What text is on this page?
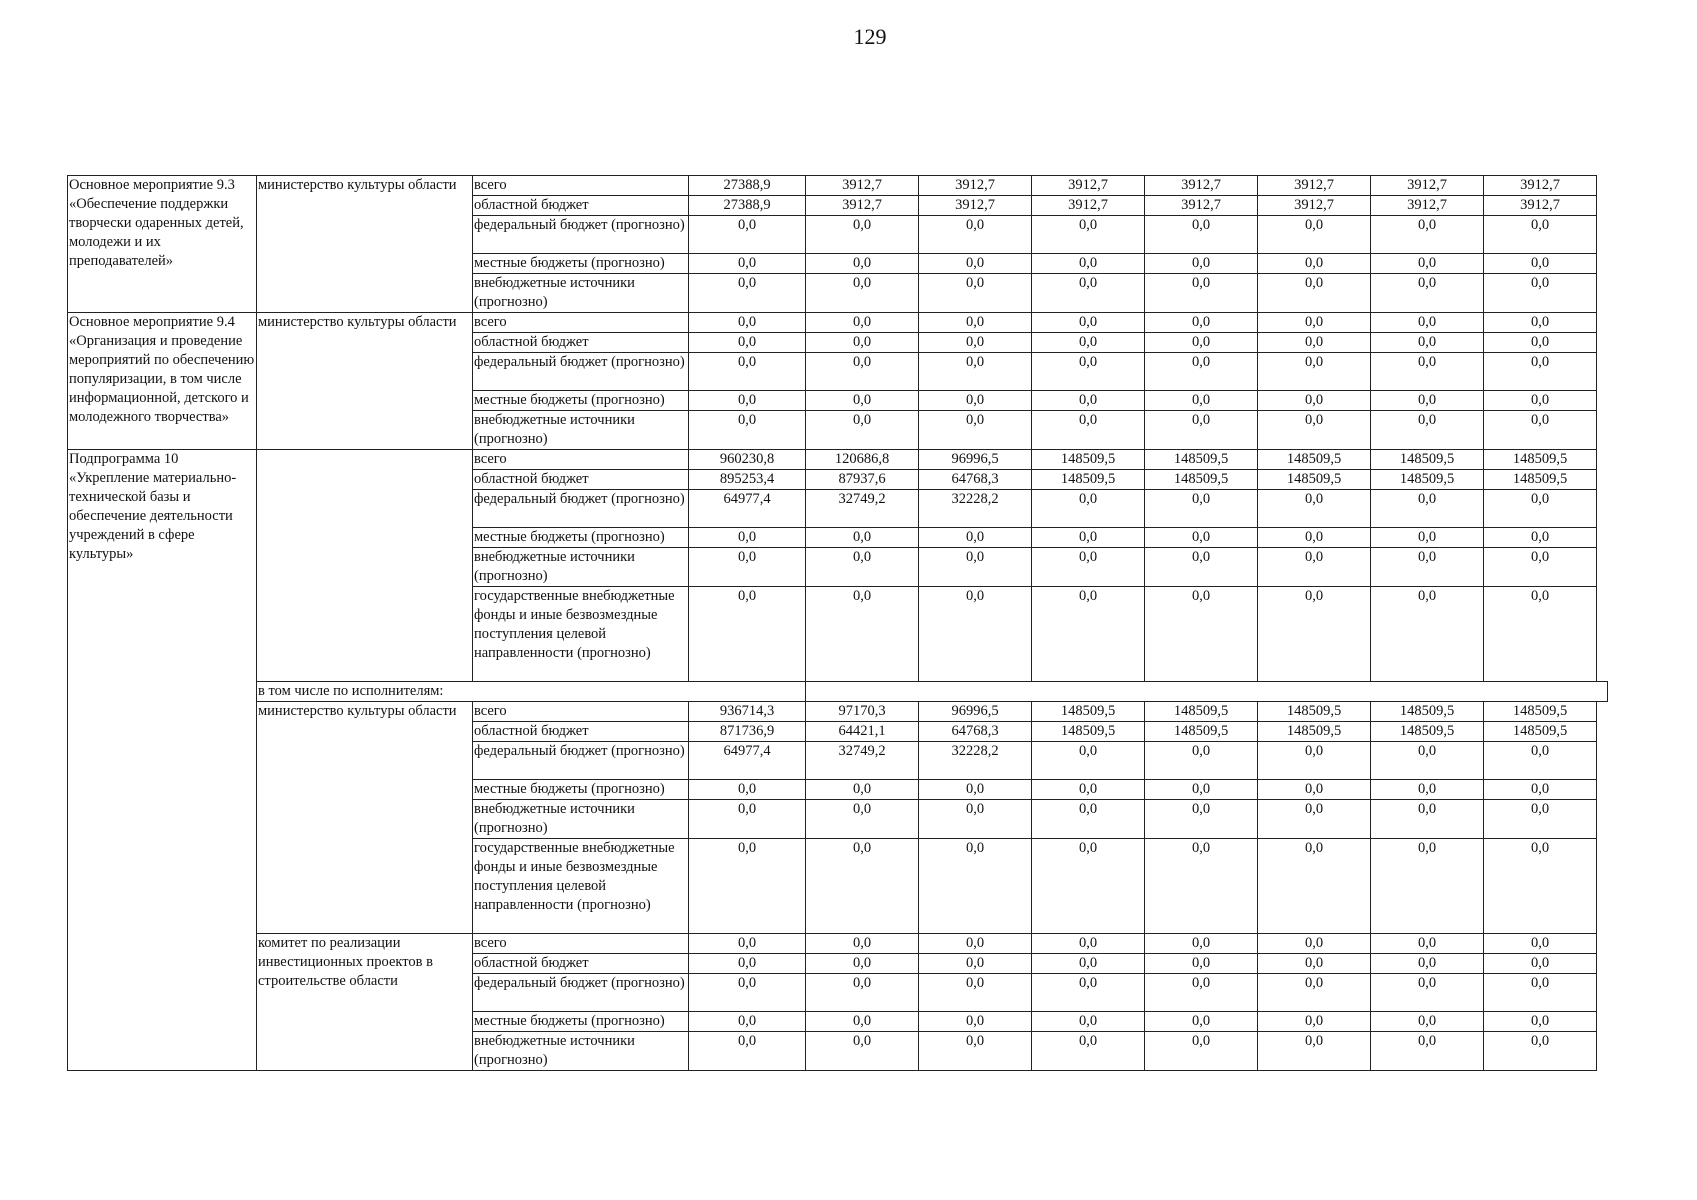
129
Основное мероприятие 9.3 «Обеспечение поддержки творчески одаренных детей, молодежи и их преподавателей»	министерство культуры области	всего	27388,9	3912,7	3912,7	3912,7	3912,7	3912,7	3912,7	3912,7
		областной бюджет	27388,9	3912,7	3912,7	3912,7	3912,7	3912,7	3912,7	3912,7
		федеральный бюджет (прогнозно)	0,0	0,0	0,0	0,0	0,0	0,0	0,0	0,0
		местные бюджеты (прогнозно)	0,0	0,0	0,0	0,0	0,0	0,0	0,0	0,0
		внебюджетные источники (прогнозно)	0,0	0,0	0,0	0,0	0,0	0,0	0,0	0,0
Основное мероприятие 9.4 «Организация и проведение мероприятий по обеспечению популяризации, в том числе информационной, детского и молодежного творчества»	министерство культуры области	всего	0,0	0,0	0,0	0,0	0,0	0,0	0,0	0,0
		областной бюджет	0,0	0,0	0,0	0,0	0,0	0,0	0,0	0,0
		федеральный бюджет (прогнозно)	0,0	0,0	0,0	0,0	0,0	0,0	0,0	0,0
		местные бюджеты (прогнозно)	0,0	0,0	0,0	0,0	0,0	0,0	0,0	0,0
		внебюджетные источники (прогнозно)	0,0	0,0	0,0	0,0	0,0	0,0	0,0	0,0
Подпрограмма 10 «Укрепление материально-технической базы и обеспечение деятельности учреждений в сфере культуры»		всего	960230,8	120686,8	96996,5	148509,5	148509,5	148509,5	148509,5	148509,5
		областной бюджет	895253,4	87937,6	64768,3	148509,5	148509,5	148509,5	148509,5	148509,5
		федеральный бюджет (прогнозно)	64977,4	32749,2	32228,2	0,0	0,0	0,0	0,0	0,0
		местные бюджеты (прогнозно)	0,0	0,0	0,0	0,0	0,0	0,0	0,0	0,0
		внебюджетные источники (прогнозно)	0,0	0,0	0,0	0,0	0,0	0,0	0,0	0,0
		государственные внебюджетные фонды и иные безвозмездные поступления целевой направленности (прогнозно)	0,0	0,0	0,0	0,0	0,0	0,0	0,0	0,0
	в том числе по исполнителям:									
	министерство культуры области	всего	936714,3	97170,3	96996,5	148509,5	148509,5	148509,5	148509,5	148509,5
		областной бюджет	871736,9	64421,1	64768,3	148509,5	148509,5	148509,5	148509,5	148509,5
		федеральный бюджет (прогнозно)	64977,4	32749,2	32228,2	0,0	0,0	0,0	0,0	0,0
		местные бюджеты (прогнозно)	0,0	0,0	0,0	0,0	0,0	0,0	0,0	0,0
		внебюджетные источники (прогнозно)	0,0	0,0	0,0	0,0	0,0	0,0	0,0	0,0
		государственные внебюджетные фонды и иные безвозмездные поступления целевой направленности (прогнозно)	0,0	0,0	0,0	0,0	0,0	0,0	0,0	0,0
	комитет по реализации инвестиционных проектов в строительстве области	всего	0,0	0,0	0,0	0,0	0,0	0,0	0,0	0,0
		областной бюджет	0,0	0,0	0,0	0,0	0,0	0,0	0,0	0,0
		федеральный бюджет (прогнозно)	0,0	0,0	0,0	0,0	0,0	0,0	0,0	0,0
		местные бюджеты (прогнозно)	0,0	0,0	0,0	0,0	0,0	0,0	0,0	0,0
		внебюджетные источники (прогнозно)	0,0	0,0	0,0	0,0	0,0	0,0	0,0	0,0
